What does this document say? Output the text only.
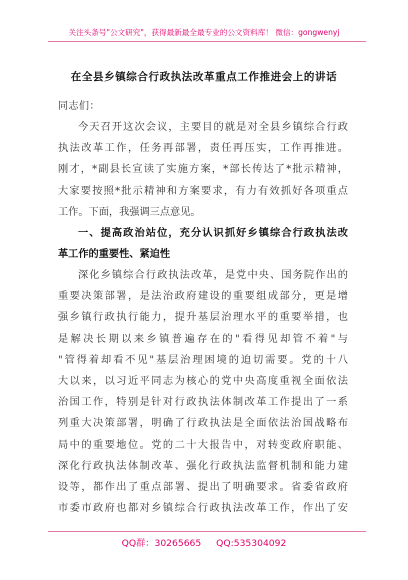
关注头条号"公文研究"，获得最新最全最专业的公文资料库！ 微信：gongwenyj
在全县乡镇综合行政执法改革重点工作推进会上的讲话
同志们：
今天召开这次会议，主要目的就是对全县乡镇综合行政
执法改革工作，任务再部署，责任再压实，工作再推进。
刚才，*副县长宣读了实施方案，*部长传达了*批示精神，
大家要按照*批示精神和方案要求，有力有效抓好各项重点
工作。下面，我强调三点意见。
一、提高政治站位，充分认识抓好乡镇综合行政执法改
革工作的重要性、紧迫性
深化乡镇综合行政执法改革，是党中央、国务院作出的
重要决策部署，是法治政府建设的重要组成部分，更是增
强乡镇行政执行能力，提升基层治理水平的重要举措，也
是解决长期以来乡镇普遍存在的"看得见却管不着"与
"管得着却看不见"基层治理困境的迫切需要。党的十八
大以来，以习近平同志为核心的党中央高度重视全面依法
治国工作，特别是针对行政执法体制改革工作提出了一系
列重大决策部署，明确了行政执法是全面依法治国战略布
局中的重要地位。党的二十大报告中，对转变政府职能、
深化行政执法体制改革、强化行政执法监督机制和能力建
设等，都作出了重点部署、提出了明确要求。省委省政府
市委市政府也都对乡镇综合行政执法改革工作，作出了安
QQ群：30265665 QQ:535304092
